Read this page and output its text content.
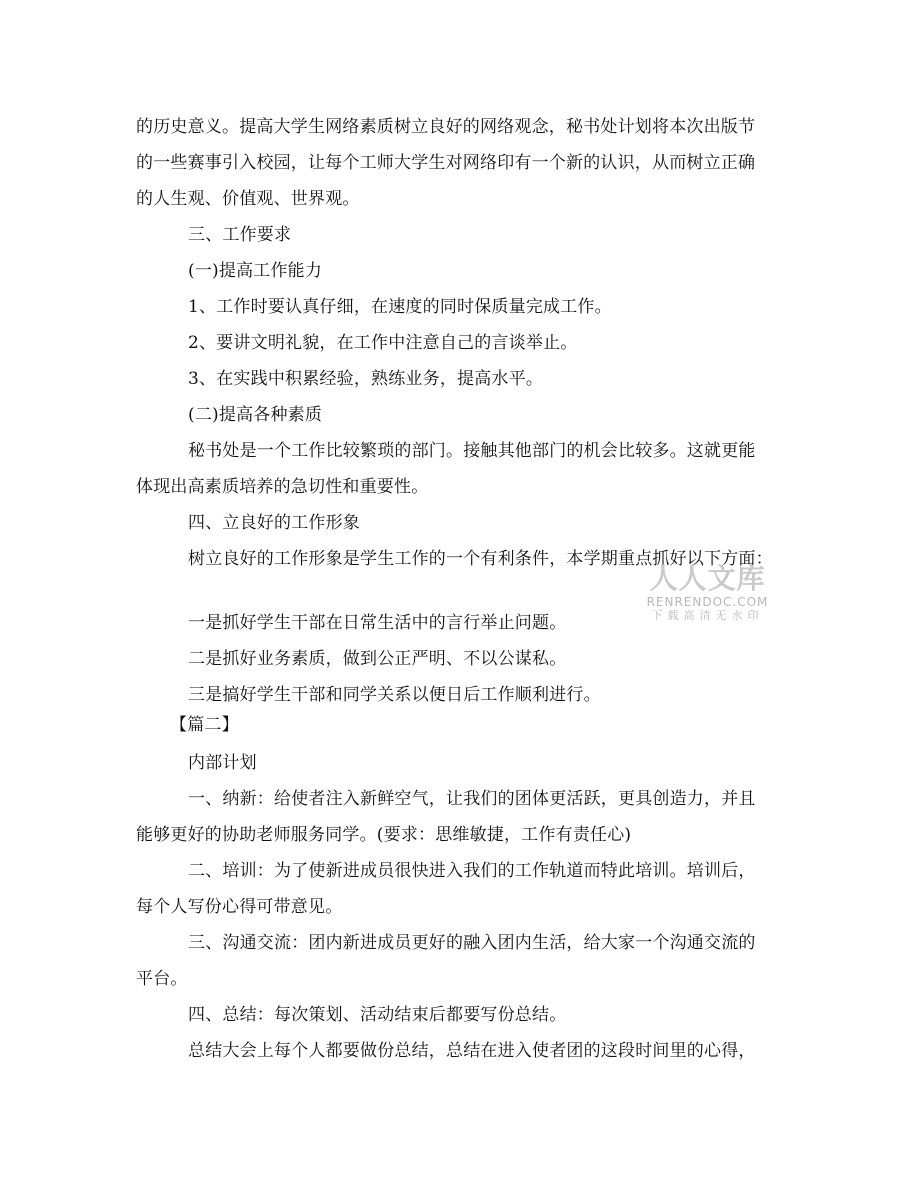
的历史意义。提高大学生网络素质树立良好的网络观念，秘书处计划将本次出版节
的一些赛事引入校园，让每个工师大学生对网络印有一个新的认识，从而树立正确
的人生观、价值观、世界观。
三、工作要求
(一)提高工作能力
1、工作时要认真仔细，在速度的同时保质量完成工作。
2、要讲文明礼貌，在工作中注意自己的言谈举止。
3、在实践中积累经验，熟练业务，提高水平。
(二)提高各种素质
秘书处是一个工作比较繁琐的部门。接触其他部门的机会比较多。这就更能
体现出高素质培养的急切性和重要性。
四、立良好的工作形象
树立良好的工作形象是学生工作的一个有利条件，本学期重点抓好以下方面：
一是抓好学生干部在日常生活中的言行举止问题。
二是抓好业务素质，做到公正严明、不以公谋私。
三是搞好学生干部和同学关系以便日后工作顺利进行。
【篇二】
内部计划
一、纳新：给使者注入新鲜空气，让我们的团体更活跃，更具创造力，并且
能够更好的协助老师服务同学。(要求：思维敏捷，工作有责任心)
二、培训：为了使新进成员很快进入我们的工作轨道而特此培训。培训后，
每个人写份心得可带意见。
三、沟通交流：团内新进成员更好的融入团内生活，给大家一个沟通交流的
平台。
四、总结：每次策划、活动结束后都要写份总结。
总结大会上每个人都要做份总结，总结在进入使者团的这段时间里的心得，
人人文库
RENRENDOC.COM
下载高清无水印
